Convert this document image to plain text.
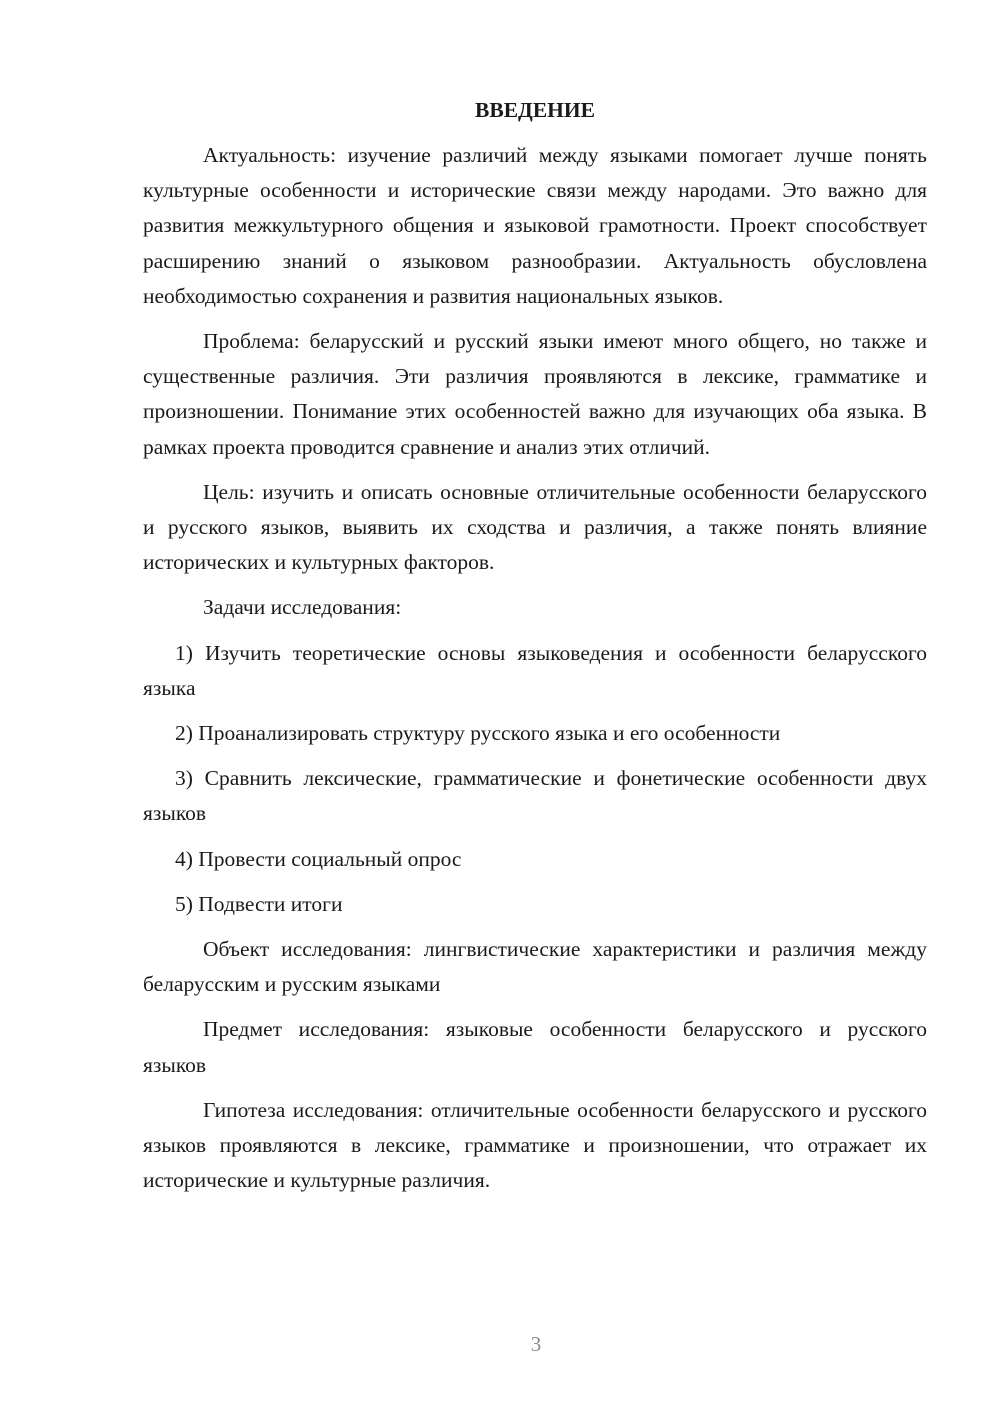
ВВЕДЕНИЕ
Актуальность: изучение различий между языками помогает лучше понять культурные особенности и исторические связи между народами. Это важно для развития межкультурного общения и языковой грамотности. Проект способствует расширению знаний о языковом разнообразии. Актуальность обусловлена необходимостью сохранения и развития национальных языков.
Проблема: беларусский и русский языки имеют много общего, но также и существенные различия. Эти различия проявляются в лексике, грамматике и произношении. Понимание этих особенностей важно для изучающих оба языка. В рамках проекта проводится сравнение и анализ этих отличий.
Цель: изучить и описать основные отличительные особенности беларусского и русского языков, выявить их сходства и различия, а также понять влияние исторических и культурных факторов.
Задачи исследования:
1) Изучить теоретические основы языковедения и особенности беларусского языка
2) Проанализировать структуру русского языка и его особенности
3) Сравнить лексические, грамматические и фонетические особенности двух языков
4) Провести социальный опрос
5) Подвести итоги
Объект исследования: лингвистические характеристики и различия между беларусским и русским языками
Предмет исследования: языковые особенности беларусского и русского языков
Гипотеза исследования: отличительные особенности беларусского и русского языков проявляются в лексике, грамматике и произношении, что отражает их исторические и культурные различия.
3
